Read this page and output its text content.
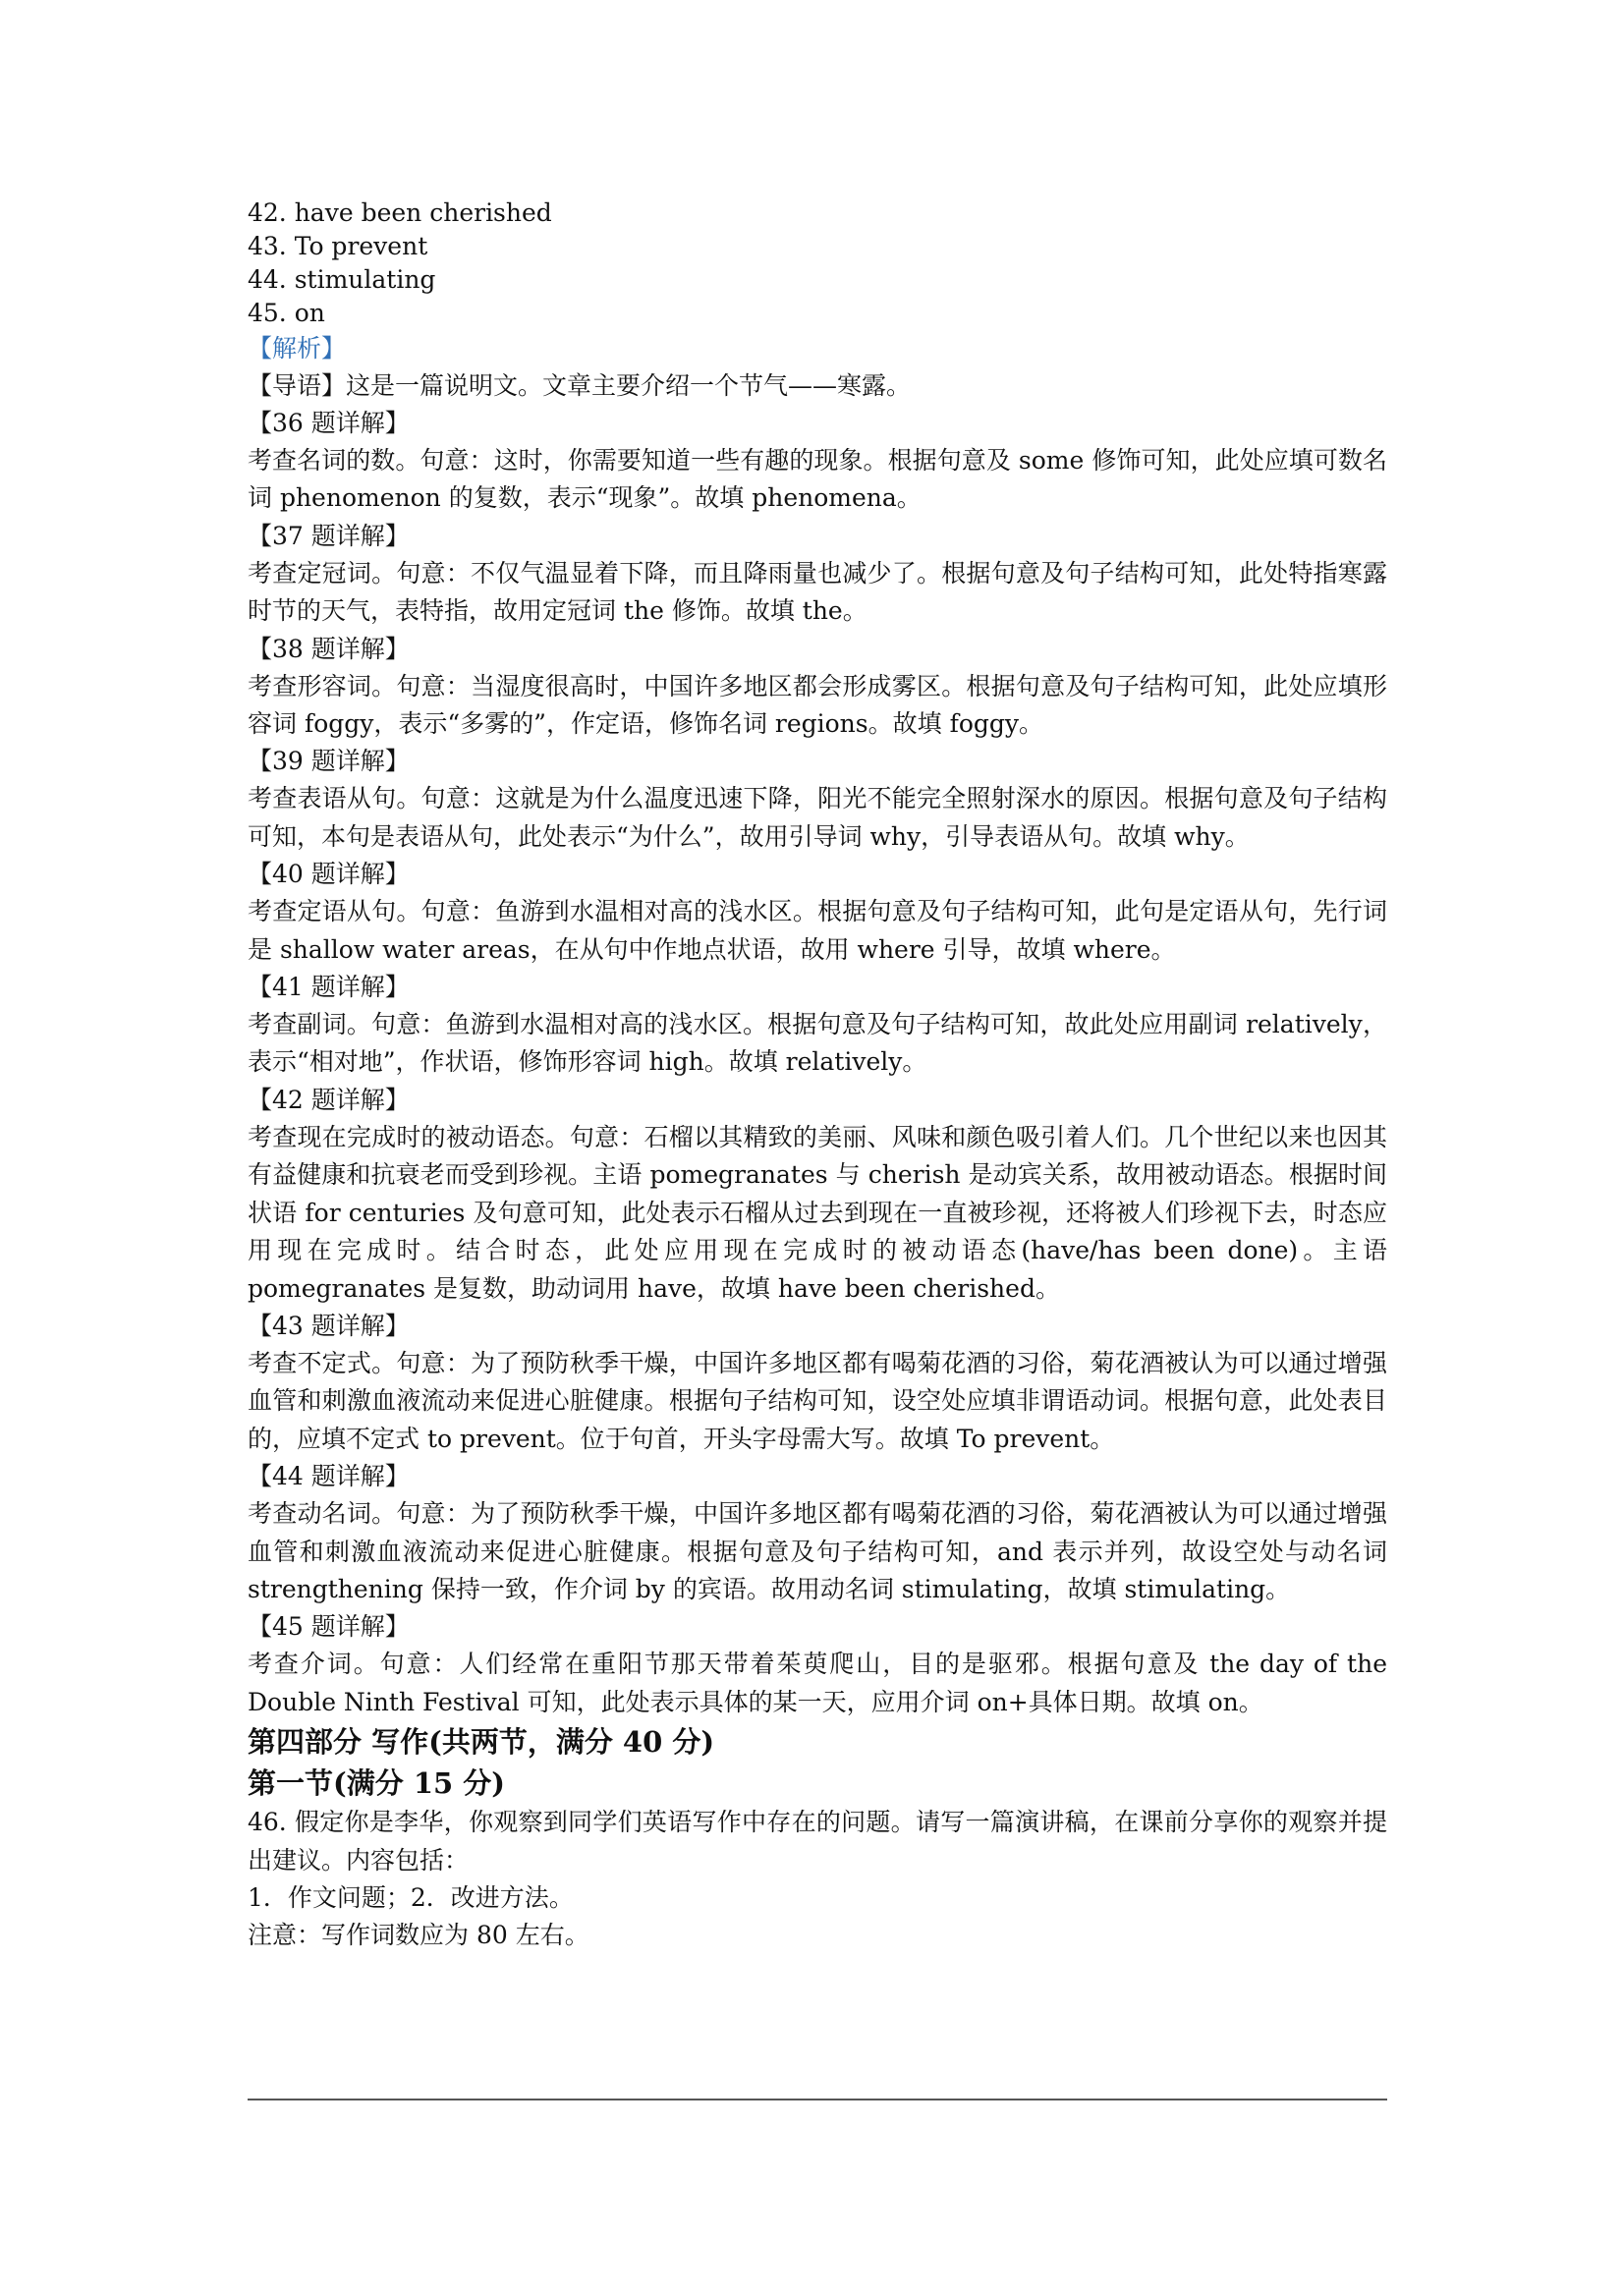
42. have been cherished

43. To prevent

44. stimulating

45. on

【解析】

【导语】这是一篇说明文。文章主要介绍一个节气——寒露。

【36 题详解】

考查名词的数。句意：这时，你需要知道一些有趣的现象。根据句意及 some 修饰可知，此处应填可数名词 phenomenon 的复数，表示“现象”。故填 phenomena。

【37 题详解】

考查定冠词。句意：不仅气温显着下降，而且降雨量也减少了。根据句意及句子结构可知，此处特指寒露时节的天气，表特指，故用定冠词 the 修饰。故填 the。

【38 题详解】

考查形容词。句意：当湿度很高时，中国许多地区都会形成雾区。根据句意及句子结构可知，此处应填形容词 foggy，表示“多雾的”，作定语，修饰名词 regions。故填 foggy。

【39 题详解】

考查表语从句。句意：这就是为什么温度迅速下降，阳光不能完全照射深水的原因。根据句意及句子结构可知，本句是表语从句，此处表示“为什么”，故用引导词 why，引导表语从句。故填 why。

【40 题详解】

考查定语从句。句意：鱼游到水温相对高的浅水区。根据句意及句子结构可知，此句是定语从句，先行词是 shallow water areas，在从句中作地点状语，故用 where 引导，故填 where。

【41 题详解】

考查副词。句意：鱼游到水温相对高的浅水区。根据句意及句子结构可知，故此处应用副词 relatively，表示“相对地”，作状语，修饰形容词 high。故填 relatively。

【42 题详解】

考查现在完成时的被动语态。句意：石榴以其精致的美丽、风味和颜色吸引着人们。几个世纪以来也因其有益健康和抗衰老而受到珍视。主语 pomegranates 与 cherish 是动宾关系，故用被动语态。根据时间状语 for centuries 及句意可知，此处表示石榴从过去到现在一直被珍视，还将被人们珍视下去，时态应用现在完成时。结合时态，此处应用现在完成时的被动语态(have/has been done)。主语 pomegranates 是复数，助动词用 have，故填 have been cherished。

【43 题详解】

考查不定式。句意：为了预防秋季干燥，中国许多地区都有喝菊花酒的习俗，菊花酒被认为可以通过增强血管和刺激血液流动来促进心脏健康。根据句子结构可知，设空处应填非谓语动词。根据句意，此处表目的，应填不定式 to prevent。位于句首，开头字母需大写。故填 To prevent。

【44 题详解】

考查动名词。句意：为了预防秋季干燥，中国许多地区都有喝菊花酒的习俗，菊花酒被认为可以通过增强血管和刺激血液流动来促进心脏健康。根据句意及句子结构可知，and 表示并列，故设空处与动名词 strengthening 保持一致，作介词 by 的宾语。故用动名词 stimulating，故填 stimulating。

【45 题详解】

考查介词。句意：人们经常在重阳节那天带着茱萸爬山，目的是驱邪。根据句意及 the day of the Double Ninth Festival 可知，此处表示具体的某一天，应用介词 on+具体日期。故填 on。

第四部分 写作(共两节，满分 40 分)

第一节(满分 15 分)

46. 假定你是李华，你观察到同学们英语写作中存在的问题。请写一篇演讲稿，在课前分享你的观察并提出建议。内容包括：

1．作文问题；2．改进方法。

注意：写作词数应为 80 左右。
